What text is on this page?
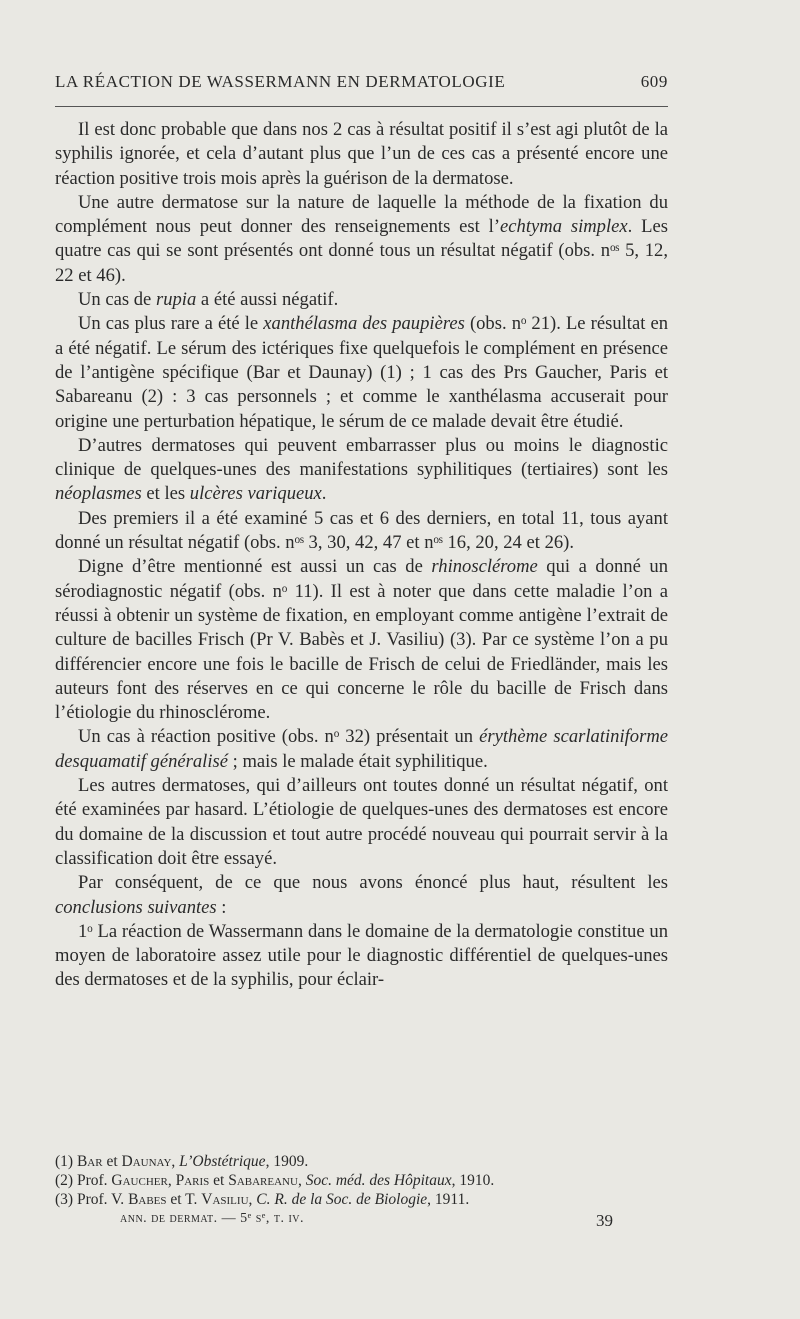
LA RÉACTION DE WASSERMANN EN DERMATOLOGIE	609

Il est donc probable que dans nos 2 cas à résultat positif il s’est agi plutôt de la syphilis ignorée, et cela d’autant plus que l’un de ces cas a présenté encore une réaction positive trois mois après la guérison de la dermatose.

Une autre dermatose sur la nature de laquelle la méthode de la fixation du complément nous peut donner des renseignements est l’echtyma simplex. Les quatre cas qui se sont présentés ont donné tous un résultat négatif (obs. nᵒˢ 5, 12, 22 et 46).

Un cas de rupia a été aussi négatif.

Un cas plus rare a été le xanthélasma des paupières (obs. nᵒ 21). Le résultat en a été négatif. Le sérum des ictériques fixe quelquefois le complément en présence de l’antigène spécifique (Bar et Daunay) (1) ; 1 cas des Prs Gaucher, Paris et Sabareanu (2) : 3 cas personnels ; et comme le xanthélasma accuserait pour origine une perturbation hépatique, le sérum de ce malade devait être étudié.

D’autres dermatoses qui peuvent embarrasser plus ou moins le diagnostic clinique de quelques-unes des manifestations syphilitiques (tertiaires) sont les néoplasmes et les ulcères variqueux.

Des premiers il a été examiné 5 cas et 6 des derniers, en total 11, tous ayant donné un résultat négatif (obs. nᵒˢ 3, 30, 42, 47 et nᵒˢ 16, 20, 24 et 26).

Digne d’être mentionné est aussi un cas de rhinosclérome qui a donné un sérodiagnostic négatif (obs. nᵒ 11). Il est à noter que dans cette maladie l’on a réussi à obtenir un système de fixation, en employant comme antigène l’extrait de culture de bacilles Frisch (Pr V. Babès et J. Vasiliu) (3). Par ce système l’on a pu différencier encore une fois le bacille de Frisch de celui de Friedländer, mais les auteurs font des réserves en ce qui concerne le rôle du bacille de Frisch dans l’étiologie du rhinosclérome.

Un cas à réaction positive (obs. nᵒ 32) présentait un érythème scarlatiniforme desquamatif généralisé ; mais le malade était syphilitique.

Les autres dermatoses, qui d’ailleurs ont toutes donné un résultat négatif, ont été examinées par hasard. L’étiologie de quelques-unes des dermatoses est encore du domaine de la discussion et tout autre procédé nouveau qui pourrait servir à la classification doit être essayé.

Par conséquent, de ce que nous avons énoncé plus haut, résultent les conclusions suivantes :

1ᵒ La réaction de Wassermann dans le domaine de la dermatologie constitue un moyen de laboratoire assez utile pour le diagnostic différentiel de quelques-unes des dermatoses et de la syphilis, pour éclair-

(1) Bar et Daunay, L’Obstétrique, 1909.
(2) Prof. Gaucher, Paris et Sabareanu, Soc. méd. des Hôpitaux, 1910.
(3) Prof. V. Babes et T. Vasiliu, C. R. de la Soc. de Biologie, 1911.
ann. de dermat. — 5ᵉ sᵉ, t. iv.	39
